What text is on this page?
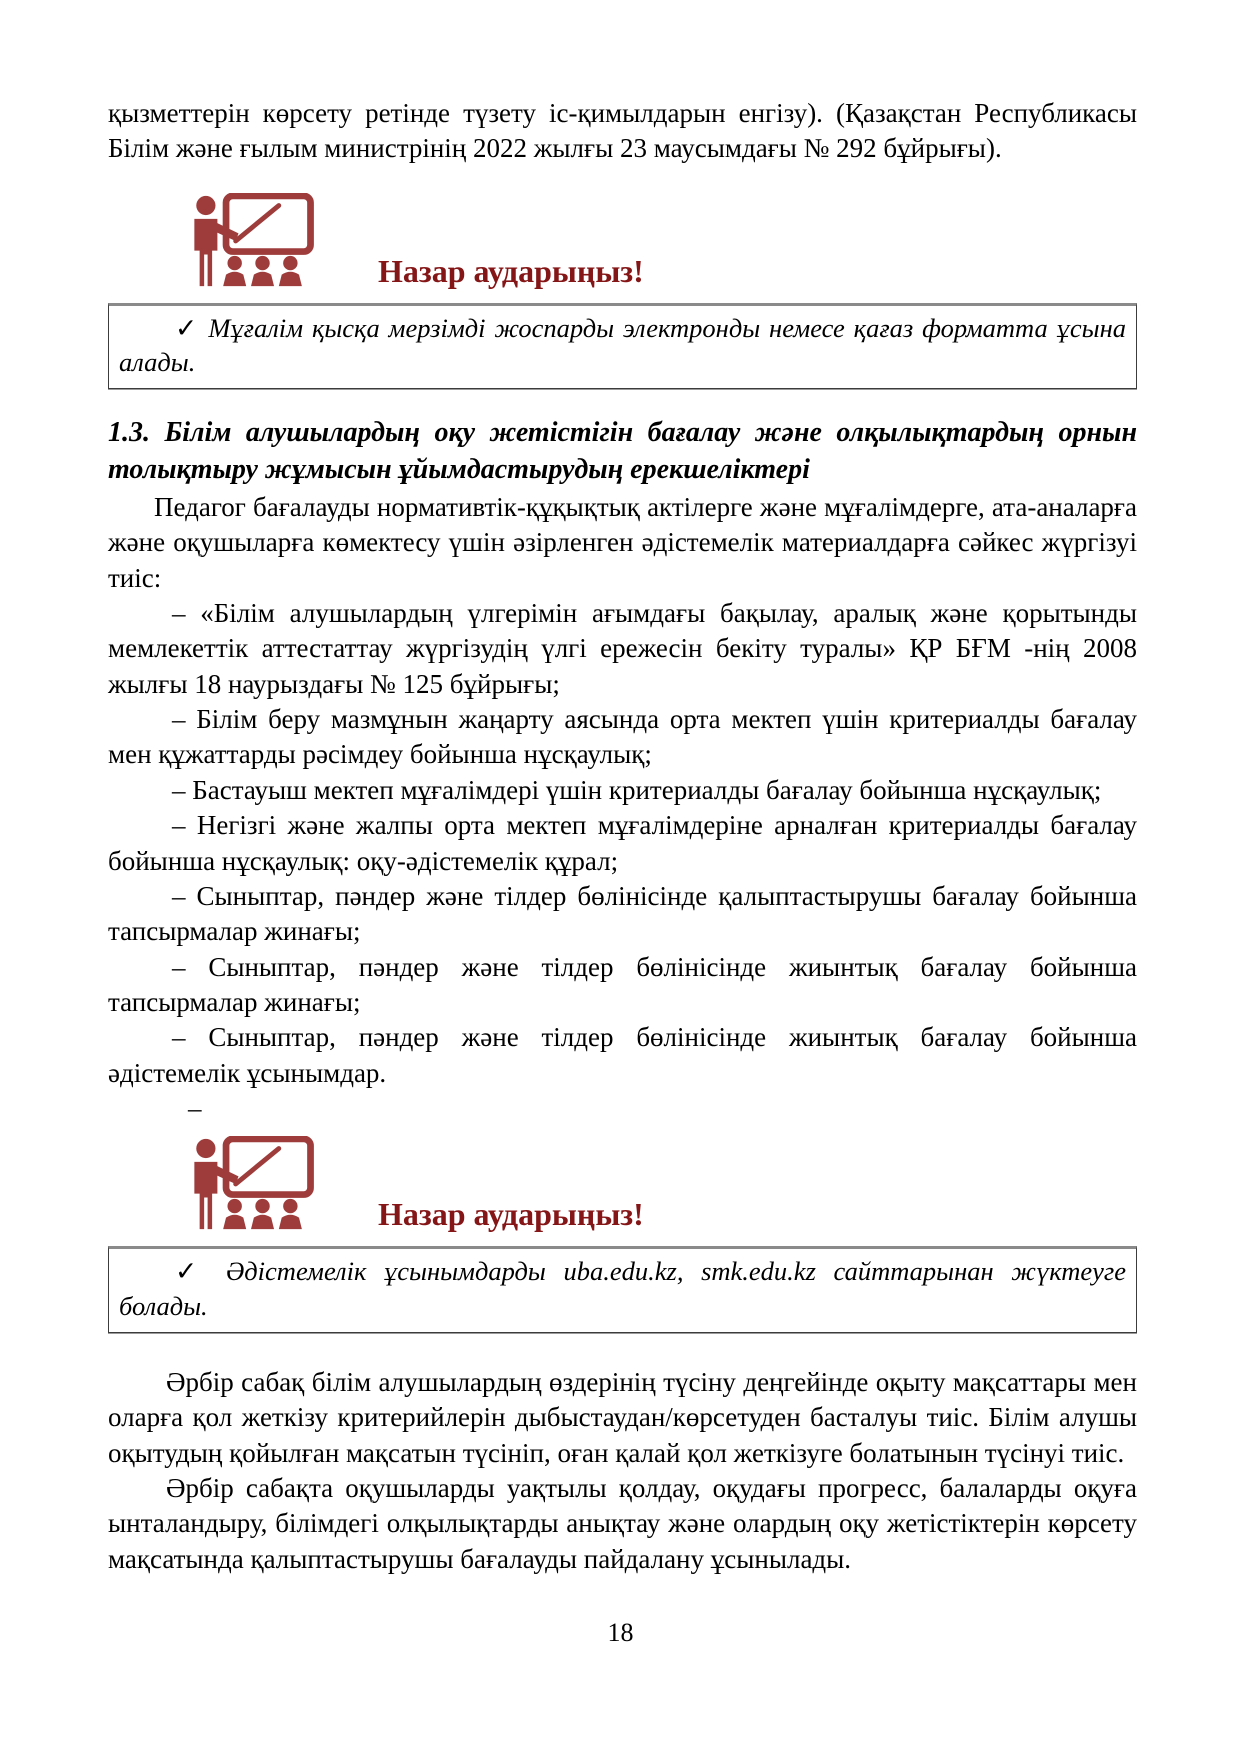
қызметтерін көрсету ретінде түзету іс-қимылдарын енгізу). (Қазақстан Республикасы Білім және ғылым министрінің 2022 жылғы 23 маусымдағы № 292 бұйрығы).

Назар аударыңыз!

✓ Мұғалім қысқа мерзімді жоспарды электронды немесе қағаз форматта ұсына алады.

1.3. Білім алушылардың оқу жетістігін бағалау және олқылықтардың орнын толықтыру жұмысын ұйымдастырудың ерекшеліктері

Педагог бағалауды нормативтік-құқықтық актілерге және мұғалімдерге, ата-аналарға және оқушыларға көмектесу үшін әзірленген әдістемелік материалдарға сәйкес жүргізуі тиіс:

– «Білім алушылардың үлгерімін ағымдағы бақылау, аралық және қорытынды мемлекеттік аттестаттау жүргізудің үлгі ережесін бекіту туралы» ҚР БҒМ -нің 2008 жылғы 18 наурыздағы № 125 бұйрығы;

– Білім беру мазмұнын жаңарту аясында орта мектеп үшін критериалды бағалау мен құжаттарды рәсімдеу бойынша нұсқаулық;

– Бастауыш мектеп мұғалімдері үшін критериалды бағалау бойынша нұсқаулық;

– Негізгі және жалпы орта мектеп мұғалімдеріне арналған критериалды бағалау бойынша нұсқаулық: оқу-әдістемелік құрал;

– Сыныптар, пәндер және тілдер бөлінісінде қалыптастырушы бағалау бойынша тапсырмалар жинағы;

– Сыныптар, пәндер және тілдер бөлінісінде жиынтық бағалау бойынша тапсырмалар жинағы;

– Сыныптар, пәндер және тілдер бөлінісінде жиынтық бағалау бойынша әдістемелік ұсынымдар.

–

Назар аударыңыз!

✓ Әдістемелік ұсынымдарды uba.edu.kz, smk.edu.kz сайттарынан жүктеуге болады.

Әрбір сабақ білім алушылардың өздерінің түсіну деңгейінде оқыту мақсаттары мен оларға қол жеткізу критерийлерін дыбыстаудан/көрсетуден басталуы тиіс. Білім алушы оқытудың қойылған мақсатын түсініп, оған қалай қол жеткізуге болатынын түсінуі тиіс.

Әрбір сабақта оқушыларды уақтылы қолдау, оқудағы прогресс, балаларды оқуға ынталандыру, білімдегі олқылықтарды анықтау және олардың оқу жетістіктерін көрсету мақсатында қалыптастырушы бағалауды пайдалану ұсынылады.

18
